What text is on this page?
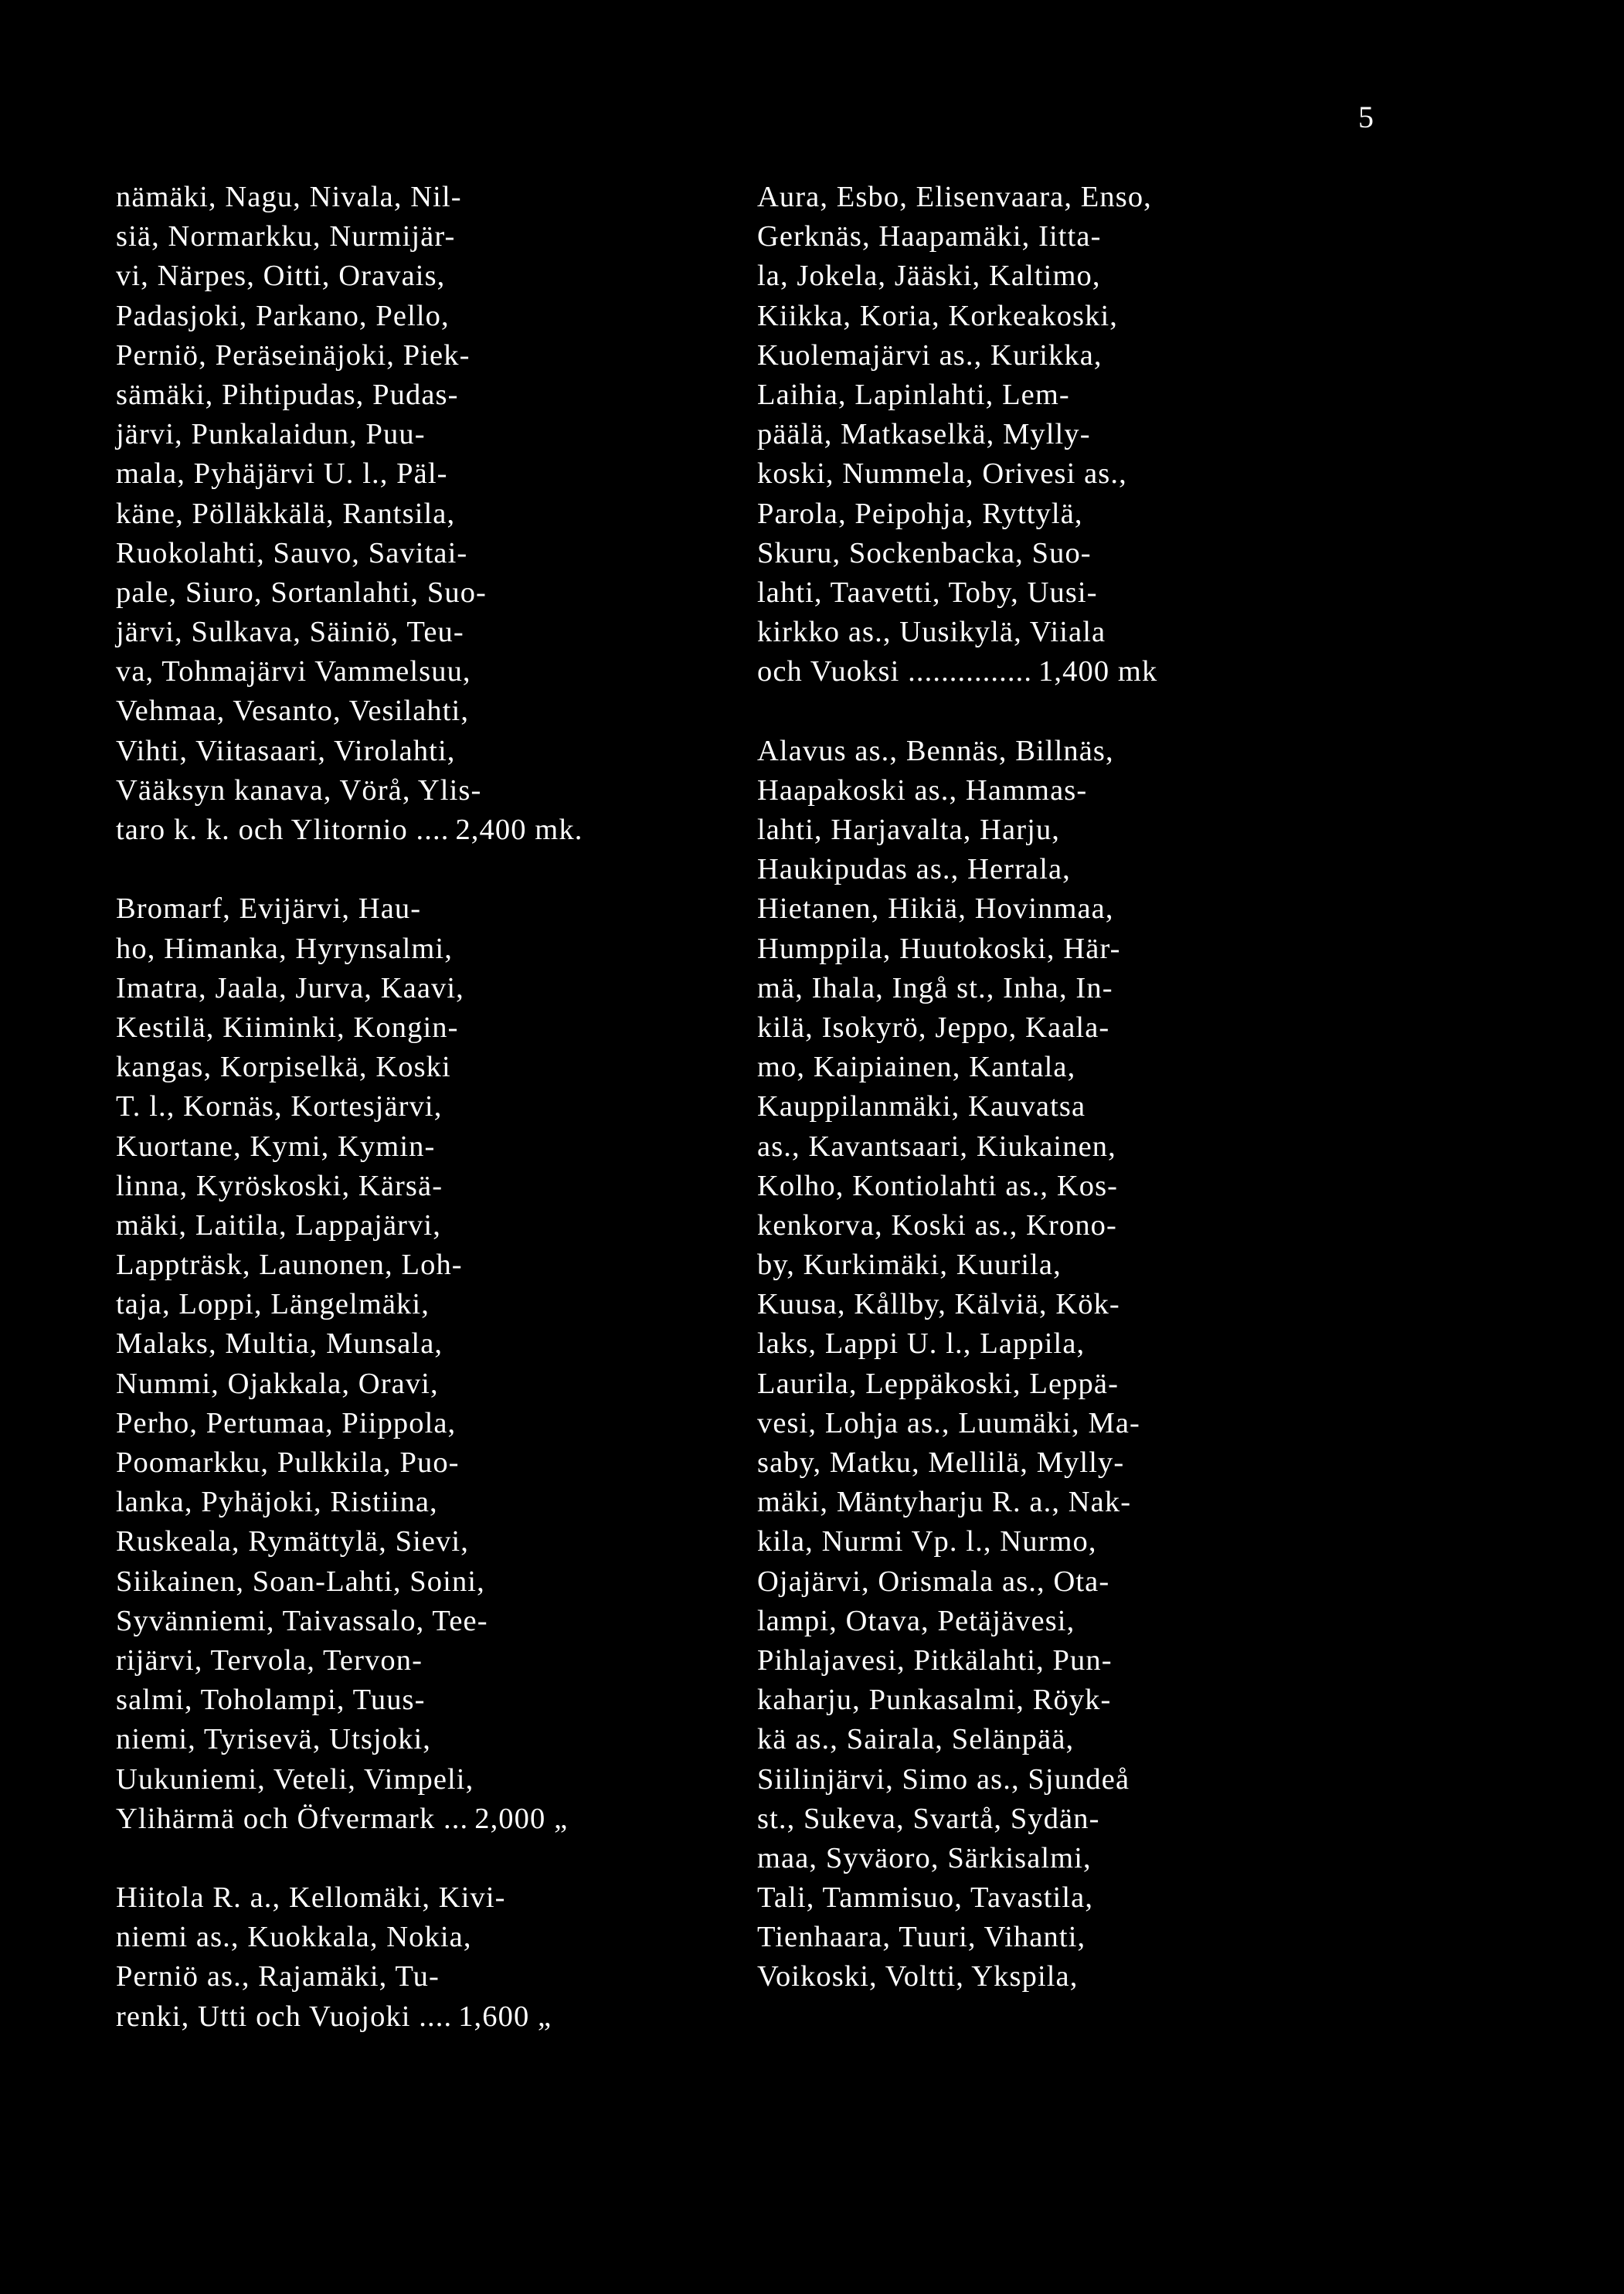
5
nämäki, Nagu, Nivala, Nil-
siä, Normarkku, Nurmijär-
vi, Närpes, Oitti, Oravais,
Padasjoki, Parkano, Pello,
Perniö, Peräseinäjoki, Piek-
sämäki, Pihtipudas, Pudas-
järvi, Punkalaidun, Puu-
mala, Pyhäjärvi U. l., Päl-
käne, Pölläkkälä, Rantsila,
Ruokolahti, Sauvo, Savitai-
pale, Siuro, Sortanlahti, Suo-
järvi, Sulkava, Säiniö, Teu-
va, Tohmajärvi Vammelsuu,
Vehmaa, Vesanto, Vesilahti,
Vihti, Viitasaari, Virolahti,
Vääksyn kanava, Vörå, Ylis-
taro k. k. och Ylitornio .... 2,400 mk.
Bromarf, Evijärvi, Hau-
ho, Himanka, Hyrynsalmi,
Imatra, Jaala, Jurva, Kaavi,
Kestilä, Kiiminki, Kongin-
kangas, Korpiselkä, Koski
T. l., Kornäs, Kortesjärvi,
Kuortane, Kymi, Kymin-
linna, Kyröskoski, Kärsä-
mäki, Laitila, Lappajärvi,
Lappträsk, Launonen, Loh-
taja, Loppi, Längelmäki,
Malaks, Multia, Munsala,
Nummi, Ojakkala, Oravi,
Perho, Pertumaa, Piippola,
Poomarkku, Pulkkila, Puo-
lanka, Pyhäjoki, Ristiina,
Ruskeala, Rymättylä, Sievi,
Siikainen, Soan-Lahti, Soini,
Syvänniemi, Taivassalo, Tee-
rijärvi, Tervola, Tervon-
salmi, Toholampi, Tuus-
niemi, Tyrisevä, Utsjoki,
Uukuniemi, Veteli, Vimpeli,
Ylihärmä och Öfvermark ... 2,000 „
Hiitola R. a., Kellomäki, Kivi-
niemi as., Kuokkala, Nokia,
Perniö as., Rajamäki, Tu-
renki, Utti och Vuojoki .... 1,600 „
Aura, Esbo, Elisenvaara, Enso,
Gerknäs, Haapamäki, Iitta-
la, Jokela, Jääski, Kaltimo,
Kiikka, Koria, Korkeakoski,
Kuolemajärvi as., Kurikka,
Laihia, Lapinlahti, Lem-
päälä, Matkaselkä, Mylly-
koski, Nummela, Orivesi as.,
Parola, Peipohja, Ryttylä,
Skuru, Sockenbacka, Suo-
lahti, Taavetti, Toby, Uusi-
kirkko as., Uusikylä, Viiala
och Vuoksi ............... 1,400 mk
Alavus as., Bennäs, Billnäs,
Haapakoski as., Hammas-
lahti, Harjavalta, Harju,
Haukipudas as., Herrala,
Hietanen, Hikiä, Hovinmaa,
Humppila, Huutokoski, Här-
mä, Ihala, Ingå st., Inha, In-
kilä, Isokyrö, Jeppo, Kaala-
mo, Kaipiainen, Kantala,
Kauppilanmäki, Kauvatsa
as., Kavantsaari, Kiukainen,
Kolho, Kontiolahti as., Kos-
kenkorva, Koski as., Krono-
by, Kurkimäki, Kuurila,
Kuusa, Kållby, Kälviä, Kök-
laks, Lappi U. l., Lappila,
Laurila, Leppäkoski, Leppä-
vesi, Lohja as., Luumäki, Ma-
saby, Matku, Mellilä, Mylly-
mäki, Mäntyharju R. a., Nak-
kila, Nurmi Vp. l., Nurmo,
Ojajärvi, Orismala as., Ota-
lampi, Otava, Petäjävesi,
Pihlajavesi, Pitkälahti, Pun-
kaharju, Punkasalmi, Röyk-
kä as., Sairala, Selänpää,
Siilinjärvi, Simo as., Sjundeå
st., Sukeva, Svartå, Sydän-
maa, Syväoro, Särkisalmi,
Tali, Tammisuo, Tavastila,
Tienhaara, Tuuri, Vihanti,
Voikoski, Voltti, Ykspila,
